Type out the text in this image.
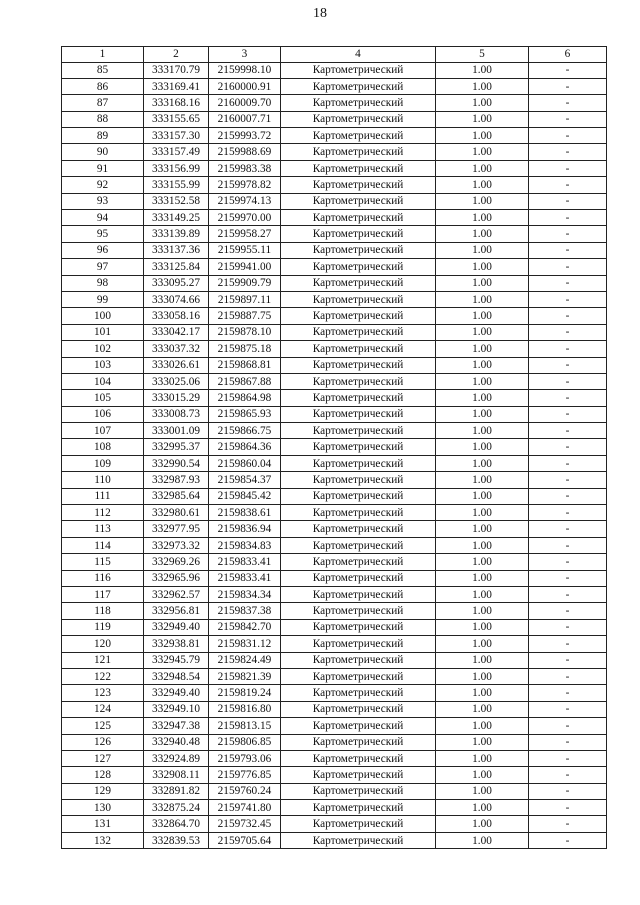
18
1	2	3	4	5	6
85	333170.79	2159998.10	Картометрический	1.00	-
86	333169.41	2160000.91	Картометрический	1.00	-
87	333168.16	2160009.70	Картометрический	1.00	-
88	333155.65	2160007.71	Картометрический	1.00	-
89	333157.30	2159993.72	Картометрический	1.00	-
90	333157.49	2159988.69	Картометрический	1.00	-
91	333156.99	2159983.38	Картометрический	1.00	-
92	333155.99	2159978.82	Картометрический	1.00	-
93	333152.58	2159974.13	Картометрический	1.00	-
94	333149.25	2159970.00	Картометрический	1.00	-
95	333139.89	2159958.27	Картометрический	1.00	-
96	333137.36	2159955.11	Картометрический	1.00	-
97	333125.84	2159941.00	Картометрический	1.00	-
98	333095.27	2159909.79	Картометрический	1.00	-
99	333074.66	2159897.11	Картометрический	1.00	-
100	333058.16	2159887.75	Картометрический	1.00	-
101	333042.17	2159878.10	Картометрический	1.00	-
102	333037.32	2159875.18	Картометрический	1.00	-
103	333026.61	2159868.81	Картометрический	1.00	-
104	333025.06	2159867.88	Картометрический	1.00	-
105	333015.29	2159864.98	Картометрический	1.00	-
106	333008.73	2159865.93	Картометрический	1.00	-
107	333001.09	2159866.75	Картометрический	1.00	-
108	332995.37	2159864.36	Картометрический	1.00	-
109	332990.54	2159860.04	Картометрический	1.00	-
110	332987.93	2159854.37	Картометрический	1.00	-
111	332985.64	2159845.42	Картометрический	1.00	-
112	332980.61	2159838.61	Картометрический	1.00	-
113	332977.95	2159836.94	Картометрический	1.00	-
114	332973.32	2159834.83	Картометрический	1.00	-
115	332969.26	2159833.41	Картометрический	1.00	-
116	332965.96	2159833.41	Картометрический	1.00	-
117	332962.57	2159834.34	Картометрический	1.00	-
118	332956.81	2159837.38	Картометрический	1.00	-
119	332949.40	2159842.70	Картометрический	1.00	-
120	332938.81	2159831.12	Картометрический	1.00	-
121	332945.79	2159824.49	Картометрический	1.00	-
122	332948.54	2159821.39	Картометрический	1.00	-
123	332949.40	2159819.24	Картометрический	1.00	-
124	332949.10	2159816.80	Картометрический	1.00	-
125	332947.38	2159813.15	Картометрический	1.00	-
126	332940.48	2159806.85	Картометрический	1.00	-
127	332924.89	2159793.06	Картометрический	1.00	-
128	332908.11	2159776.85	Картометрический	1.00	-
129	332891.82	2159760.24	Картометрический	1.00	-
130	332875.24	2159741.80	Картометрический	1.00	-
131	332864.70	2159732.45	Картометрический	1.00	-
132	332839.53	2159705.64	Картометрический	1.00	-
